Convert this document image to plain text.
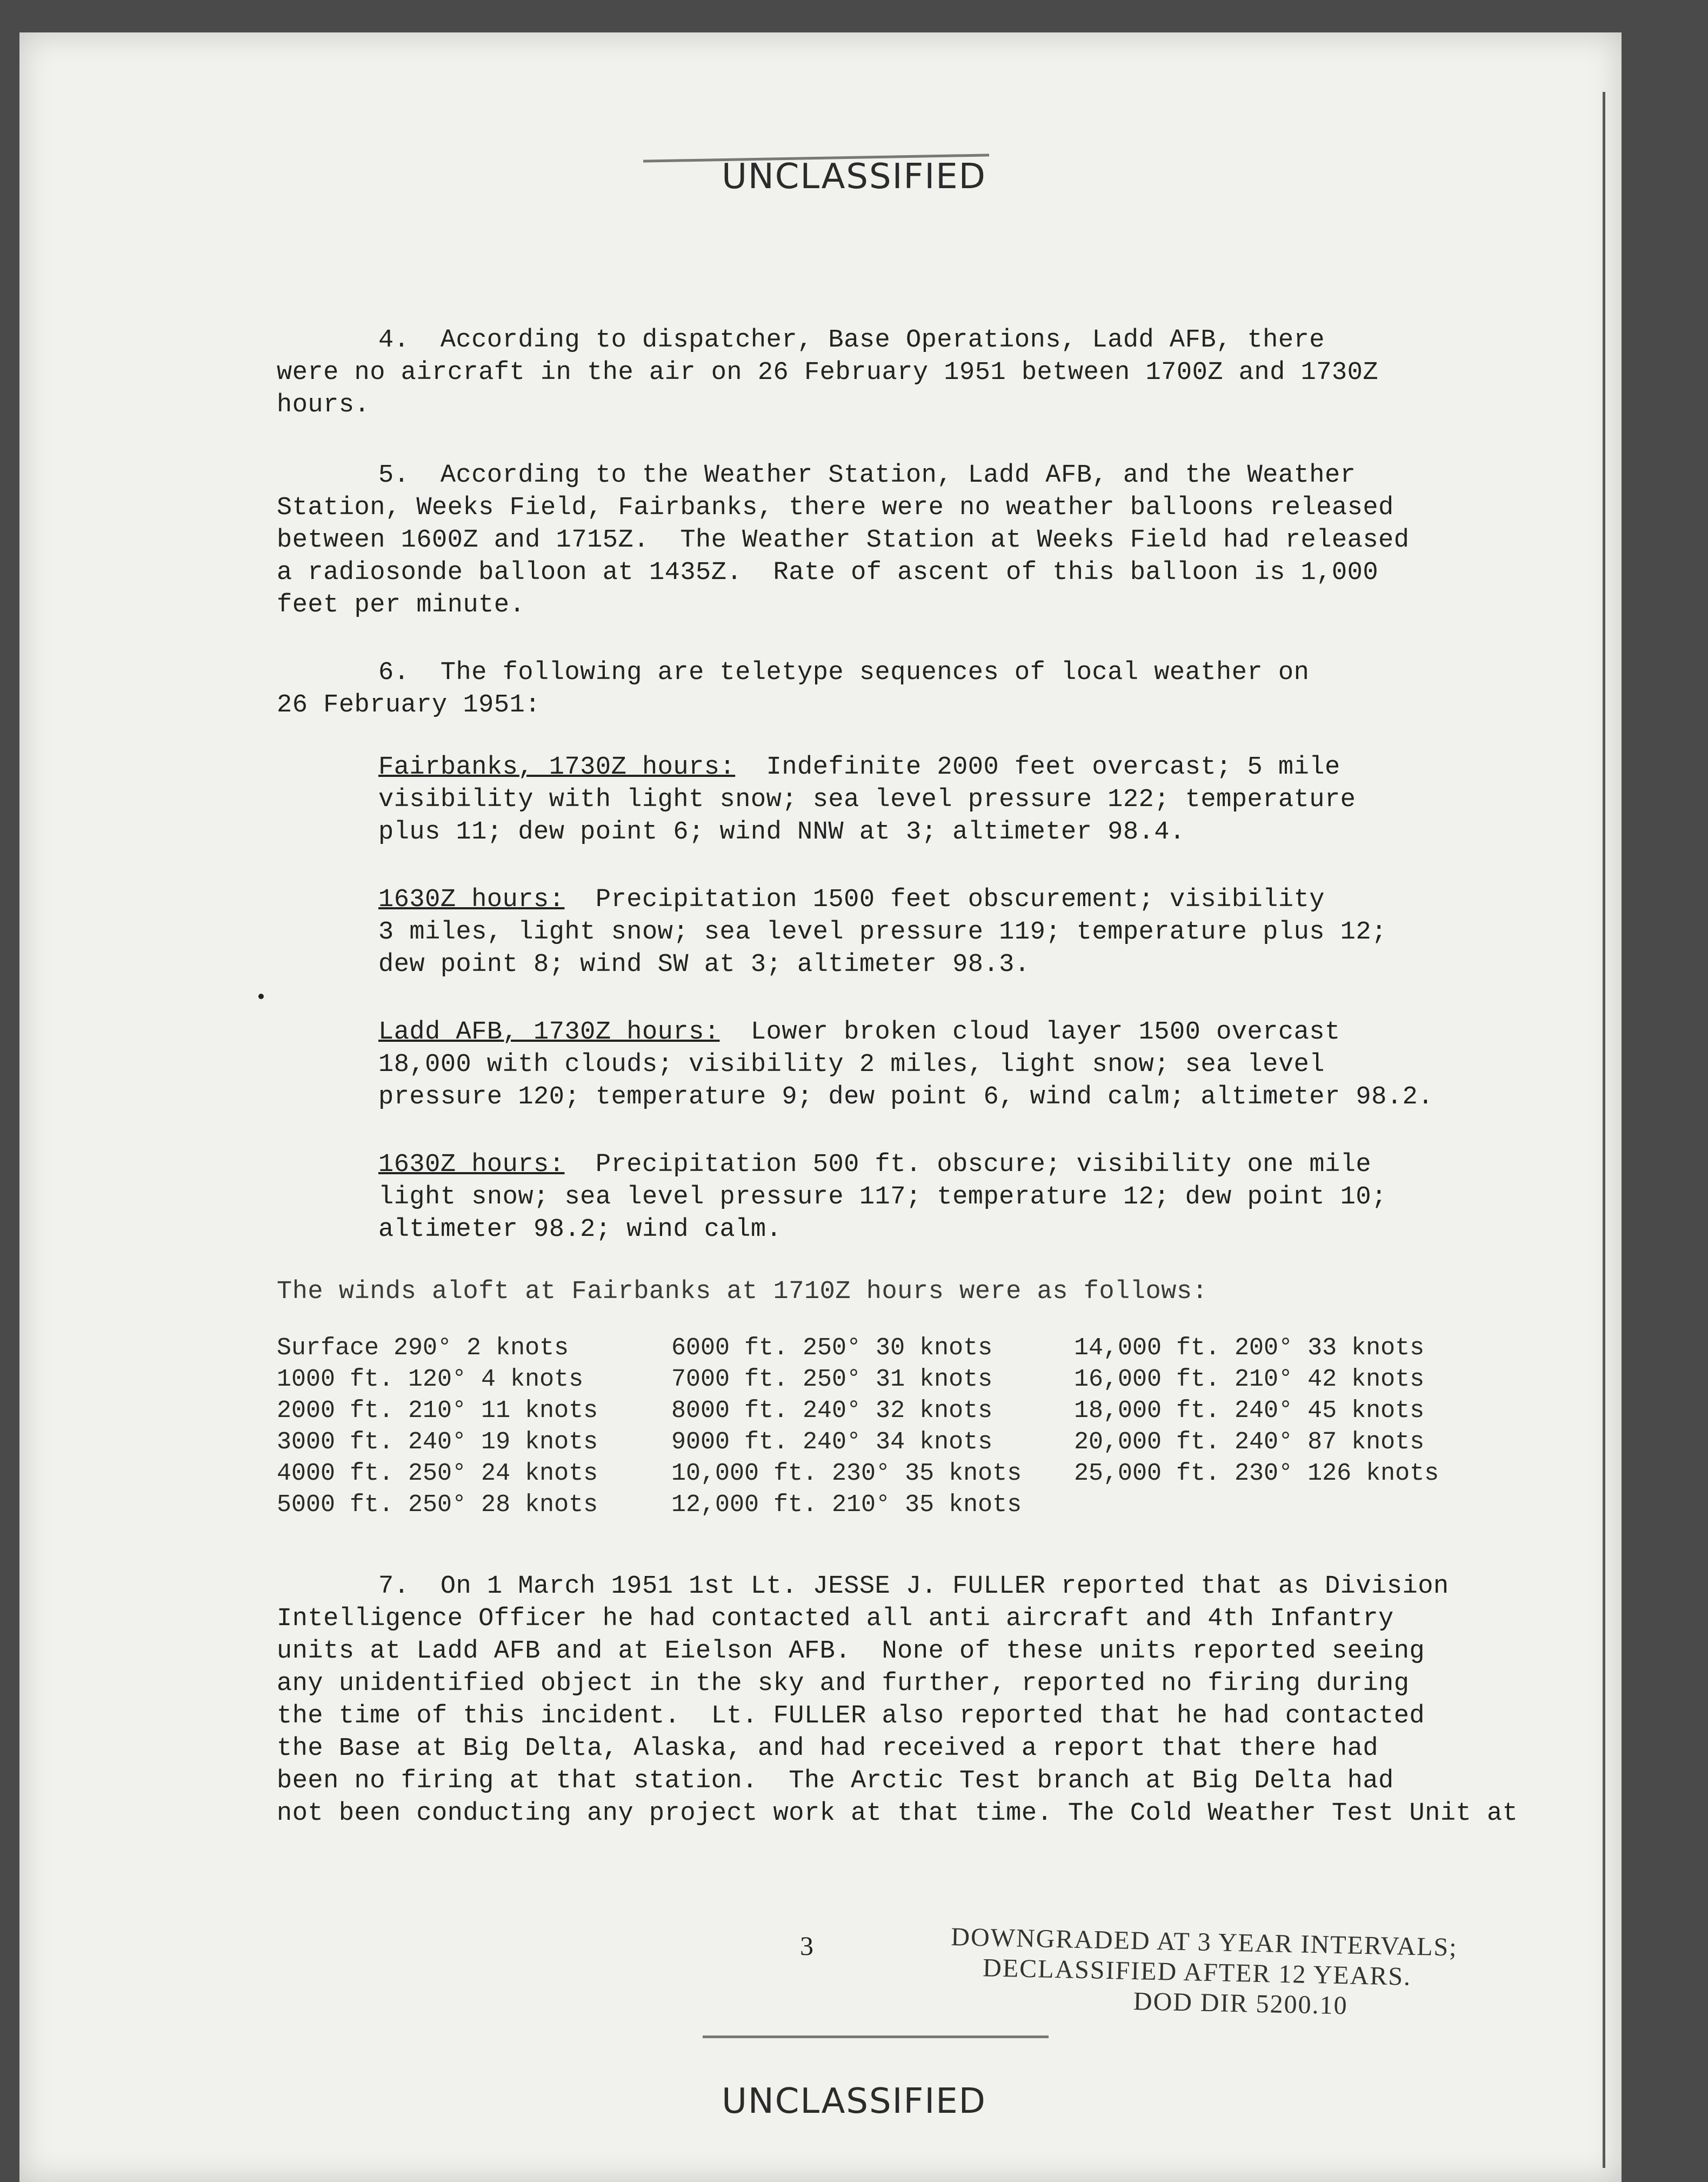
UNCLASSIFIED
4.  According to dispatcher, Base Operations, Ladd AFB, there
were no aircraft in the air on 26 February 1951 between 1700Z and 1730Z
hours.
5.  According to the Weather Station, Ladd AFB, and the Weather
Station, Weeks Field, Fairbanks, there were no weather balloons released
between 1600Z and 1715Z.  The Weather Station at Weeks Field had released
a radiosonde balloon at 1435Z.  Rate of ascent of this balloon is 1,000
feet per minute.
6.  The following are teletype sequences of local weather on
26 February 1951:
Fairbanks, 1730Z hours:  Indefinite 2000 feet overcast; 5 mile
visibility with light snow; sea level pressure 122; temperature
plus 11; dew point 6; wind NNW at 3; altimeter 98.4.
1630Z hours:  Precipitation 1500 feet obscurement; visibility
3 miles, light snow; sea level pressure 119; temperature plus 12;
dew point 8; wind SW at 3; altimeter 98.3.
Ladd AFB, 1730Z hours:  Lower broken cloud layer 1500 overcast
18,000 with clouds; visibility 2 miles, light snow; sea level
pressure 120; temperature 9; dew point 6, wind calm; altimeter 98.2.
1630Z hours:  Precipitation 500 ft. obscure; visibility one mile
light snow; sea level pressure 117; temperature 12; dew point 10;
altimeter 98.2; wind calm.
The winds aloft at Fairbanks at 1710Z hours were as follows:
Surface 290° 2 knots	6000 ft. 250° 30 knots	14,000 ft. 200° 33 knots
1000 ft. 120° 4 knots	7000 ft. 250° 31 knots	16,000 ft. 210° 42 knots
2000 ft. 210° 11 knots	8000 ft. 240° 32 knots	18,000 ft. 240° 45 knots
3000 ft. 240° 19 knots	9000 ft. 240° 34 knots	20,000 ft. 240° 87 knots
4000 ft. 250° 24 knots	10,000 ft. 230° 35 knots	25,000 ft. 230° 126 knots
5000 ft. 250° 28 knots	12,000 ft. 210° 35 knots
7.  On 1 March 1951 1st Lt. JESSE J. FULLER reported that as Division
Intelligence Officer he had contacted all anti aircraft and 4th Infantry
units at Ladd AFB and at Eielson AFB.  None of these units reported seeing
any unidentified object in the sky and further, reported no firing during
the time of this incident.  Lt. FULLER also reported that he had contacted
the Base at Big Delta, Alaska, and had received a report that there had
been no firing at that station.  The Arctic Test branch at Big Delta had
not been conducting any project work at that time. The Cold Weather Test Unit at
3	DOWNGRADED AT 3 YEAR INTERVALS;
DECLASSIFIED AFTER 12 YEARS.
DOD DIR 5200.10
UNCLASSIFIED
